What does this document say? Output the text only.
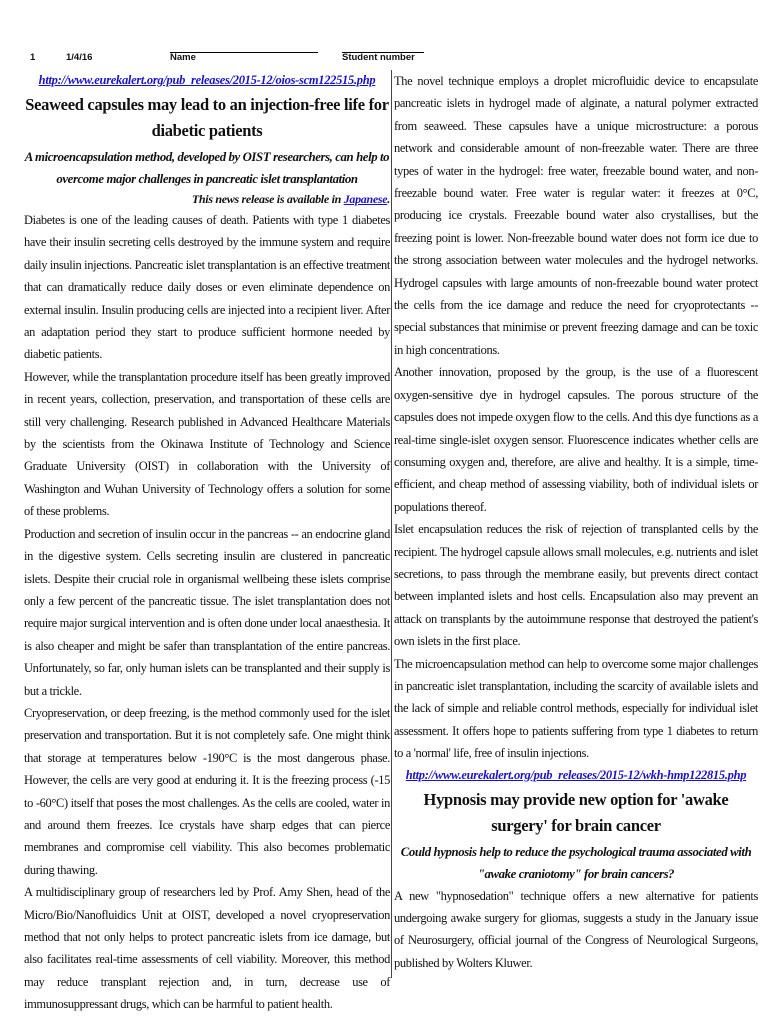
1	1/4/16	Name	Student number
http://www.eurekalert.org/pub_releases/2015-12/oios-scm122515.php
Seaweed capsules may lead to an injection-free life for diabetic patients
A microencapsulation method, developed by OIST researchers, can help to overcome major challenges in pancreatic islet transplantation
This news release is available in Japanese.

Diabetes is one of the leading causes of death. Patients with type 1 diabetes have their insulin secreting cells destroyed by the immune system and require daily insulin injections. Pancreatic islet transplantation is an effective treatment that can dramatically reduce daily doses or even eliminate dependence on external insulin. Insulin producing cells are injected into a recipient liver. After an adaptation period they start to produce sufficient hormone needed by diabetic patients.

However, while the transplantation procedure itself has been greatly improved in recent years, collection, preservation, and transportation of these cells are still very challenging. Research published in Advanced Healthcare Materials by the scientists from the Okinawa Institute of Technology and Science Graduate University (OIST) in collaboration with the University of Washington and Wuhan University of Technology offers a solution for some of these problems.

Production and secretion of insulin occur in the pancreas -- an endocrine gland in the digestive system. Cells secreting insulin are clustered in pancreatic islets. Despite their crucial role in organismal wellbeing these islets comprise only a few percent of the pancreatic tissue. The islet transplantation does not require major surgical intervention and is often done under local anaesthesia. It is also cheaper and might be safer than transplantation of the entire pancreas. Unfortunately, so far, only human islets can be transplanted and their supply is but a trickle.

Cryopreservation, or deep freezing, is the method commonly used for the islet preservation and transportation. But it is not completely safe. One might think that storage at temperatures below -190°C is the most dangerous phase. However, the cells are very good at enduring it. It is the freezing process (-15 to -60°C) itself that poses the most challenges. As the cells are cooled, water in and around them freezes. Ice crystals have sharp edges that can pierce membranes and compromise cell viability. This also becomes problematic during thawing.

A multidisciplinary group of researchers led by Prof. Amy Shen, head of the Micro/Bio/Nanofluidics Unit at OIST, developed a novel cryopreservation method that not only helps to protect pancreatic islets from ice damage, but also facilitates real-time assessments of cell viability. Moreover, this method may reduce transplant rejection and, in turn, decrease use of immunosuppressant drugs, which can be harmful to patient health.

The novel technique employs a droplet microfluidic device to encapsulate pancreatic islets in hydrogel made of alginate, a natural polymer extracted from seaweed. These capsules have a unique microstructure: a porous network and considerable amount of non-freezable water. There are three types of water in the hydrogel: free water, freezable bound water, and non-freezable bound water. Free water is regular water: it freezes at 0°C, producing ice crystals. Freezable bound water also crystallises, but the freezing point is lower. Non-freezable bound water does not form ice due to the strong association between water molecules and the hydrogel networks. Hydrogel capsules with large amounts of non-freezable bound water protect the cells from the ice damage and reduce the need for cryoprotectants -- special substances that minimise or prevent freezing damage and can be toxic in high concentrations.

Another innovation, proposed by the group, is the use of a fluorescent oxygen-sensitive dye in hydrogel capsules. The porous structure of the capsules does not impede oxygen flow to the cells. And this dye functions as a real-time single-islet oxygen sensor. Fluorescence indicates whether cells are consuming oxygen and, therefore, are alive and healthy. It is a simple, time-efficient, and cheap method of assessing viability, both of individual islets or populations thereof.

Islet encapsulation reduces the risk of rejection of transplanted cells by the recipient. The hydrogel capsule allows small molecules, e.g. nutrients and islet secretions, to pass through the membrane easily, but prevents direct contact between implanted islets and host cells. Encapsulation also may prevent an attack on transplants by the autoimmune response that destroyed the patient's own islets in the first place.

The microencapsulation method can help to overcome some major challenges in pancreatic islet transplantation, including the scarcity of available islets and the lack of simple and reliable control methods, especially for individual islet assessment. It offers hope to patients suffering from type 1 diabetes to return to a 'normal' life, free of insulin injections.

http://www.eurekalert.org/pub_releases/2015-12/wkh-hmp122815.php
Hypnosis may provide new option for 'awake surgery' for brain cancer
Could hypnosis help to reduce the psychological trauma associated with "awake craniotomy" for brain cancers?

A new "hypnosedation" technique offers a new alternative for patients undergoing awake surgery for gliomas, suggests a study in the January issue of Neurosurgery, official journal of the Congress of Neurological Surgeons, published by Wolters Kluwer.
